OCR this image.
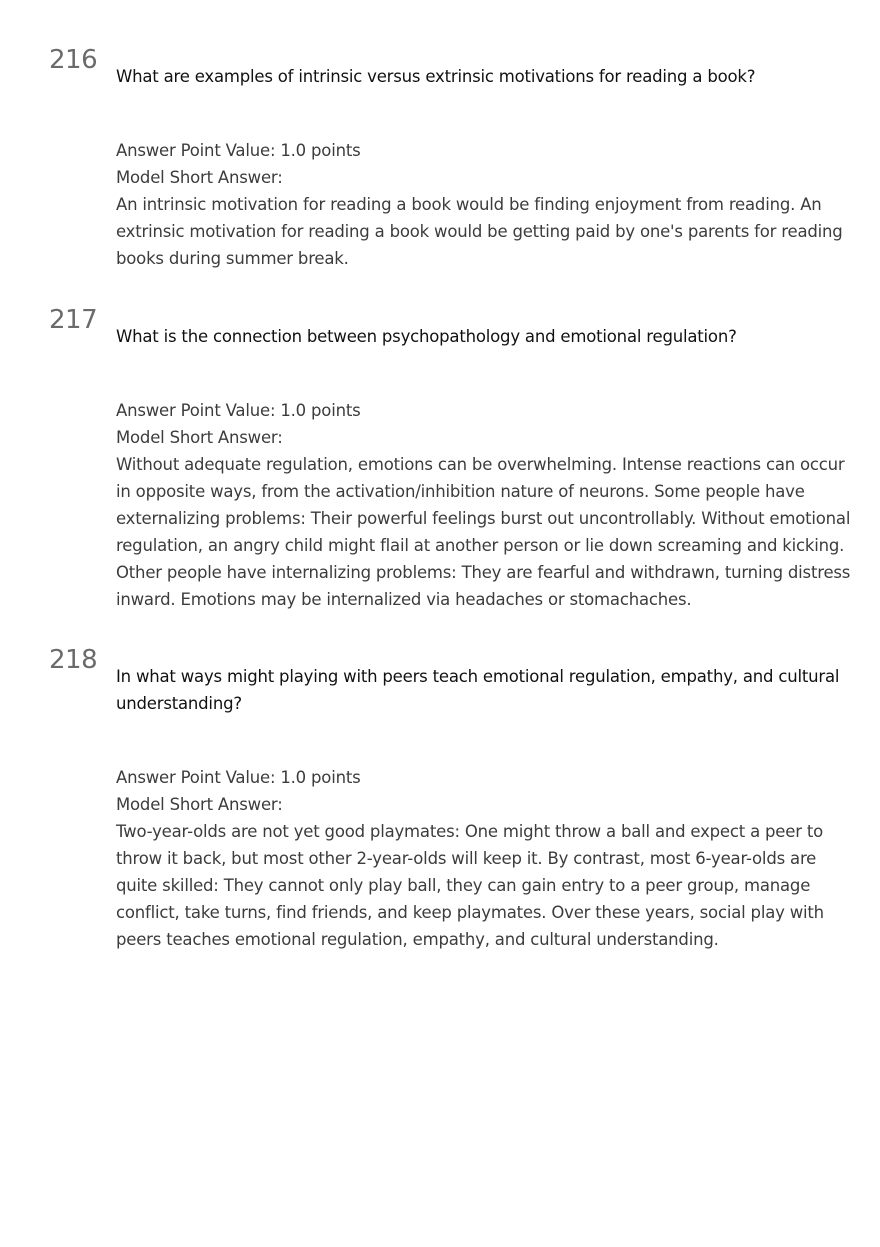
216

What are examples of intrinsic versus extrinsic motivations for reading a book?

Answer Point Value: 1.0 points
Model Short Answer:
An intrinsic motivation for reading a book would be finding enjoyment from reading. An extrinsic motivation for reading a book would be getting paid by one's parents for reading books during summer break.
217

What is the connection between psychopathology and emotional regulation?

Answer Point Value: 1.0 points
Model Short Answer:
Without adequate regulation, emotions can be overwhelming. Intense reactions can occur in opposite ways, from the activation/inhibition nature of neurons. Some people have externalizing problems: Their powerful feelings burst out uncontrollably. Without emotional regulation, an angry child might flail at another person or lie down screaming and kicking. Other people have internalizing problems: They are fearful and withdrawn, turning distress inward. Emotions may be internalized via headaches or stomachaches.
218

In what ways might playing with peers teach emotional regulation, empathy, and cultural understanding?

Answer Point Value: 1.0 points
Model Short Answer:
Two-year-olds are not yet good playmates: One might throw a ball and expect a peer to throw it back, but most other 2-year-olds will keep it. By contrast, most 6-year-olds are quite skilled: They cannot only play ball, they can gain entry to a peer group, manage conflict, take turns, find friends, and keep playmates. Over these years, social play with peers teaches emotional regulation, empathy, and cultural understanding.
